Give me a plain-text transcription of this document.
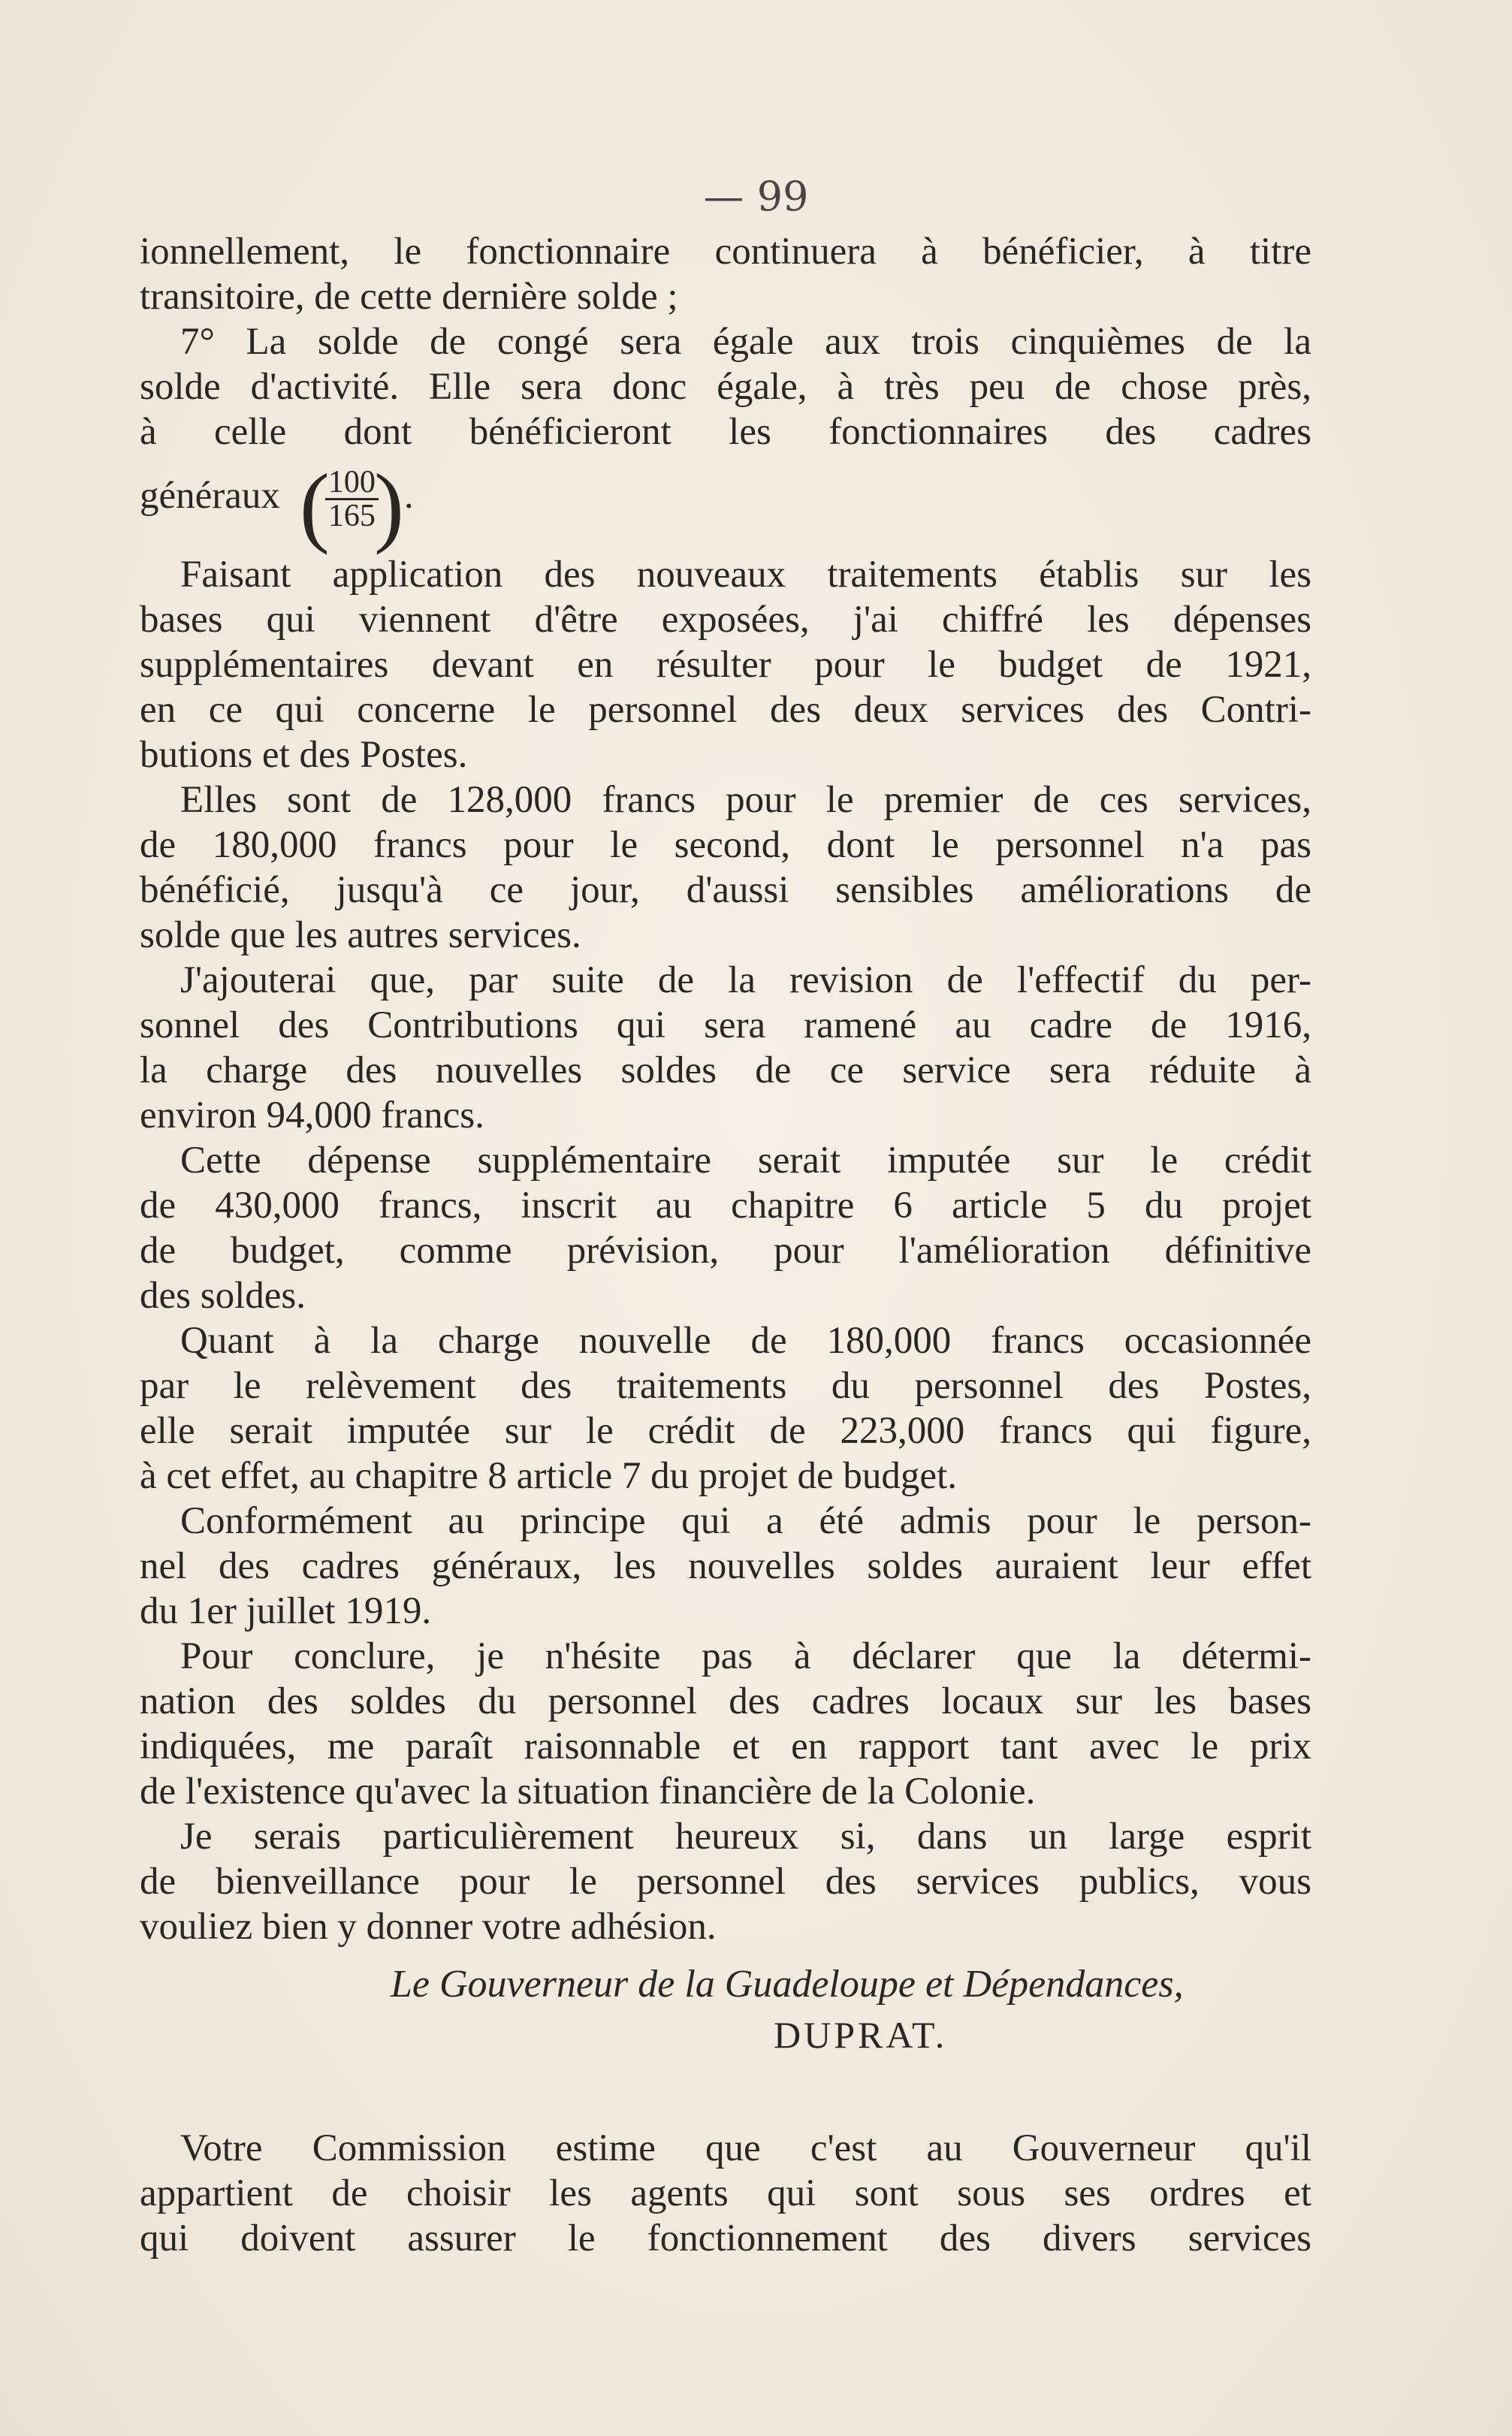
— 99
ionnellement, le fonctionnaire continuera à bénéficier, à titre
transitoire, de cette dernière solde ;
7° La solde de congé sera égale aux trois cinquièmes de la
solde d'activité. Elle sera donc égale, à très peu de chose près,
à celle dont bénéficieront les fonctionnaires des cadres
généraux (
100
165
) .
Faisant application des nouveaux traitements établis sur les
bases qui viennent d'être exposées, j'ai chiffré les dépenses
supplémentaires devant en résulter pour le budget de 1921,
en ce qui concerne le personnel des deux services des Contri-
butions et des Postes.
Elles sont de 128,000 francs pour le premier de ces services,
de 180,000 francs pour le second, dont le personnel n'a pas
bénéficié, jusqu'à ce jour, d'aussi sensibles améliorations de
solde que les autres services.
J'ajouterai que, par suite de la revision de l'effectif du per-
sonnel des Contributions qui sera ramené au cadre de 1916,
la charge des nouvelles soldes de ce service sera réduite à
environ 94,000 francs.
Cette dépense supplémentaire serait imputée sur le crédit
de 430,000 francs, inscrit au chapitre 6 article 5 du projet
de budget, comme prévision, pour l'amélioration définitive
des soldes.
Quant à la charge nouvelle de 180,000 francs occasionnée
par le relèvement des traitements du personnel des Postes,
elle serait imputée sur le crédit de 223,000 francs qui figure,
à cet effet, au chapitre 8 article 7 du projet de budget.
Conformément au principe qui a été admis pour le person-
nel des cadres généraux, les nouvelles soldes auraient leur effet
du 1er juillet 1919.
Pour conclure, je n'hésite pas à déclarer que la détermi-
nation des soldes du personnel des cadres locaux sur les bases
indiquées, me paraît raisonnable et en rapport tant avec le prix
de l'existence qu'avec la situation financière de la Colonie.
Je serais particulièrement heureux si, dans un large esprit
de bienveillance pour le personnel des services publics, vous
vouliez bien y donner votre adhésion.
Le Gouverneur de la Guadeloupe et Dépendances,
DUPRAT.
Votre Commission estime que c'est au Gouverneur qu'il
appartient de choisir les agents qui sont sous ses ordres et
qui doivent assurer le fonctionnement des divers services
